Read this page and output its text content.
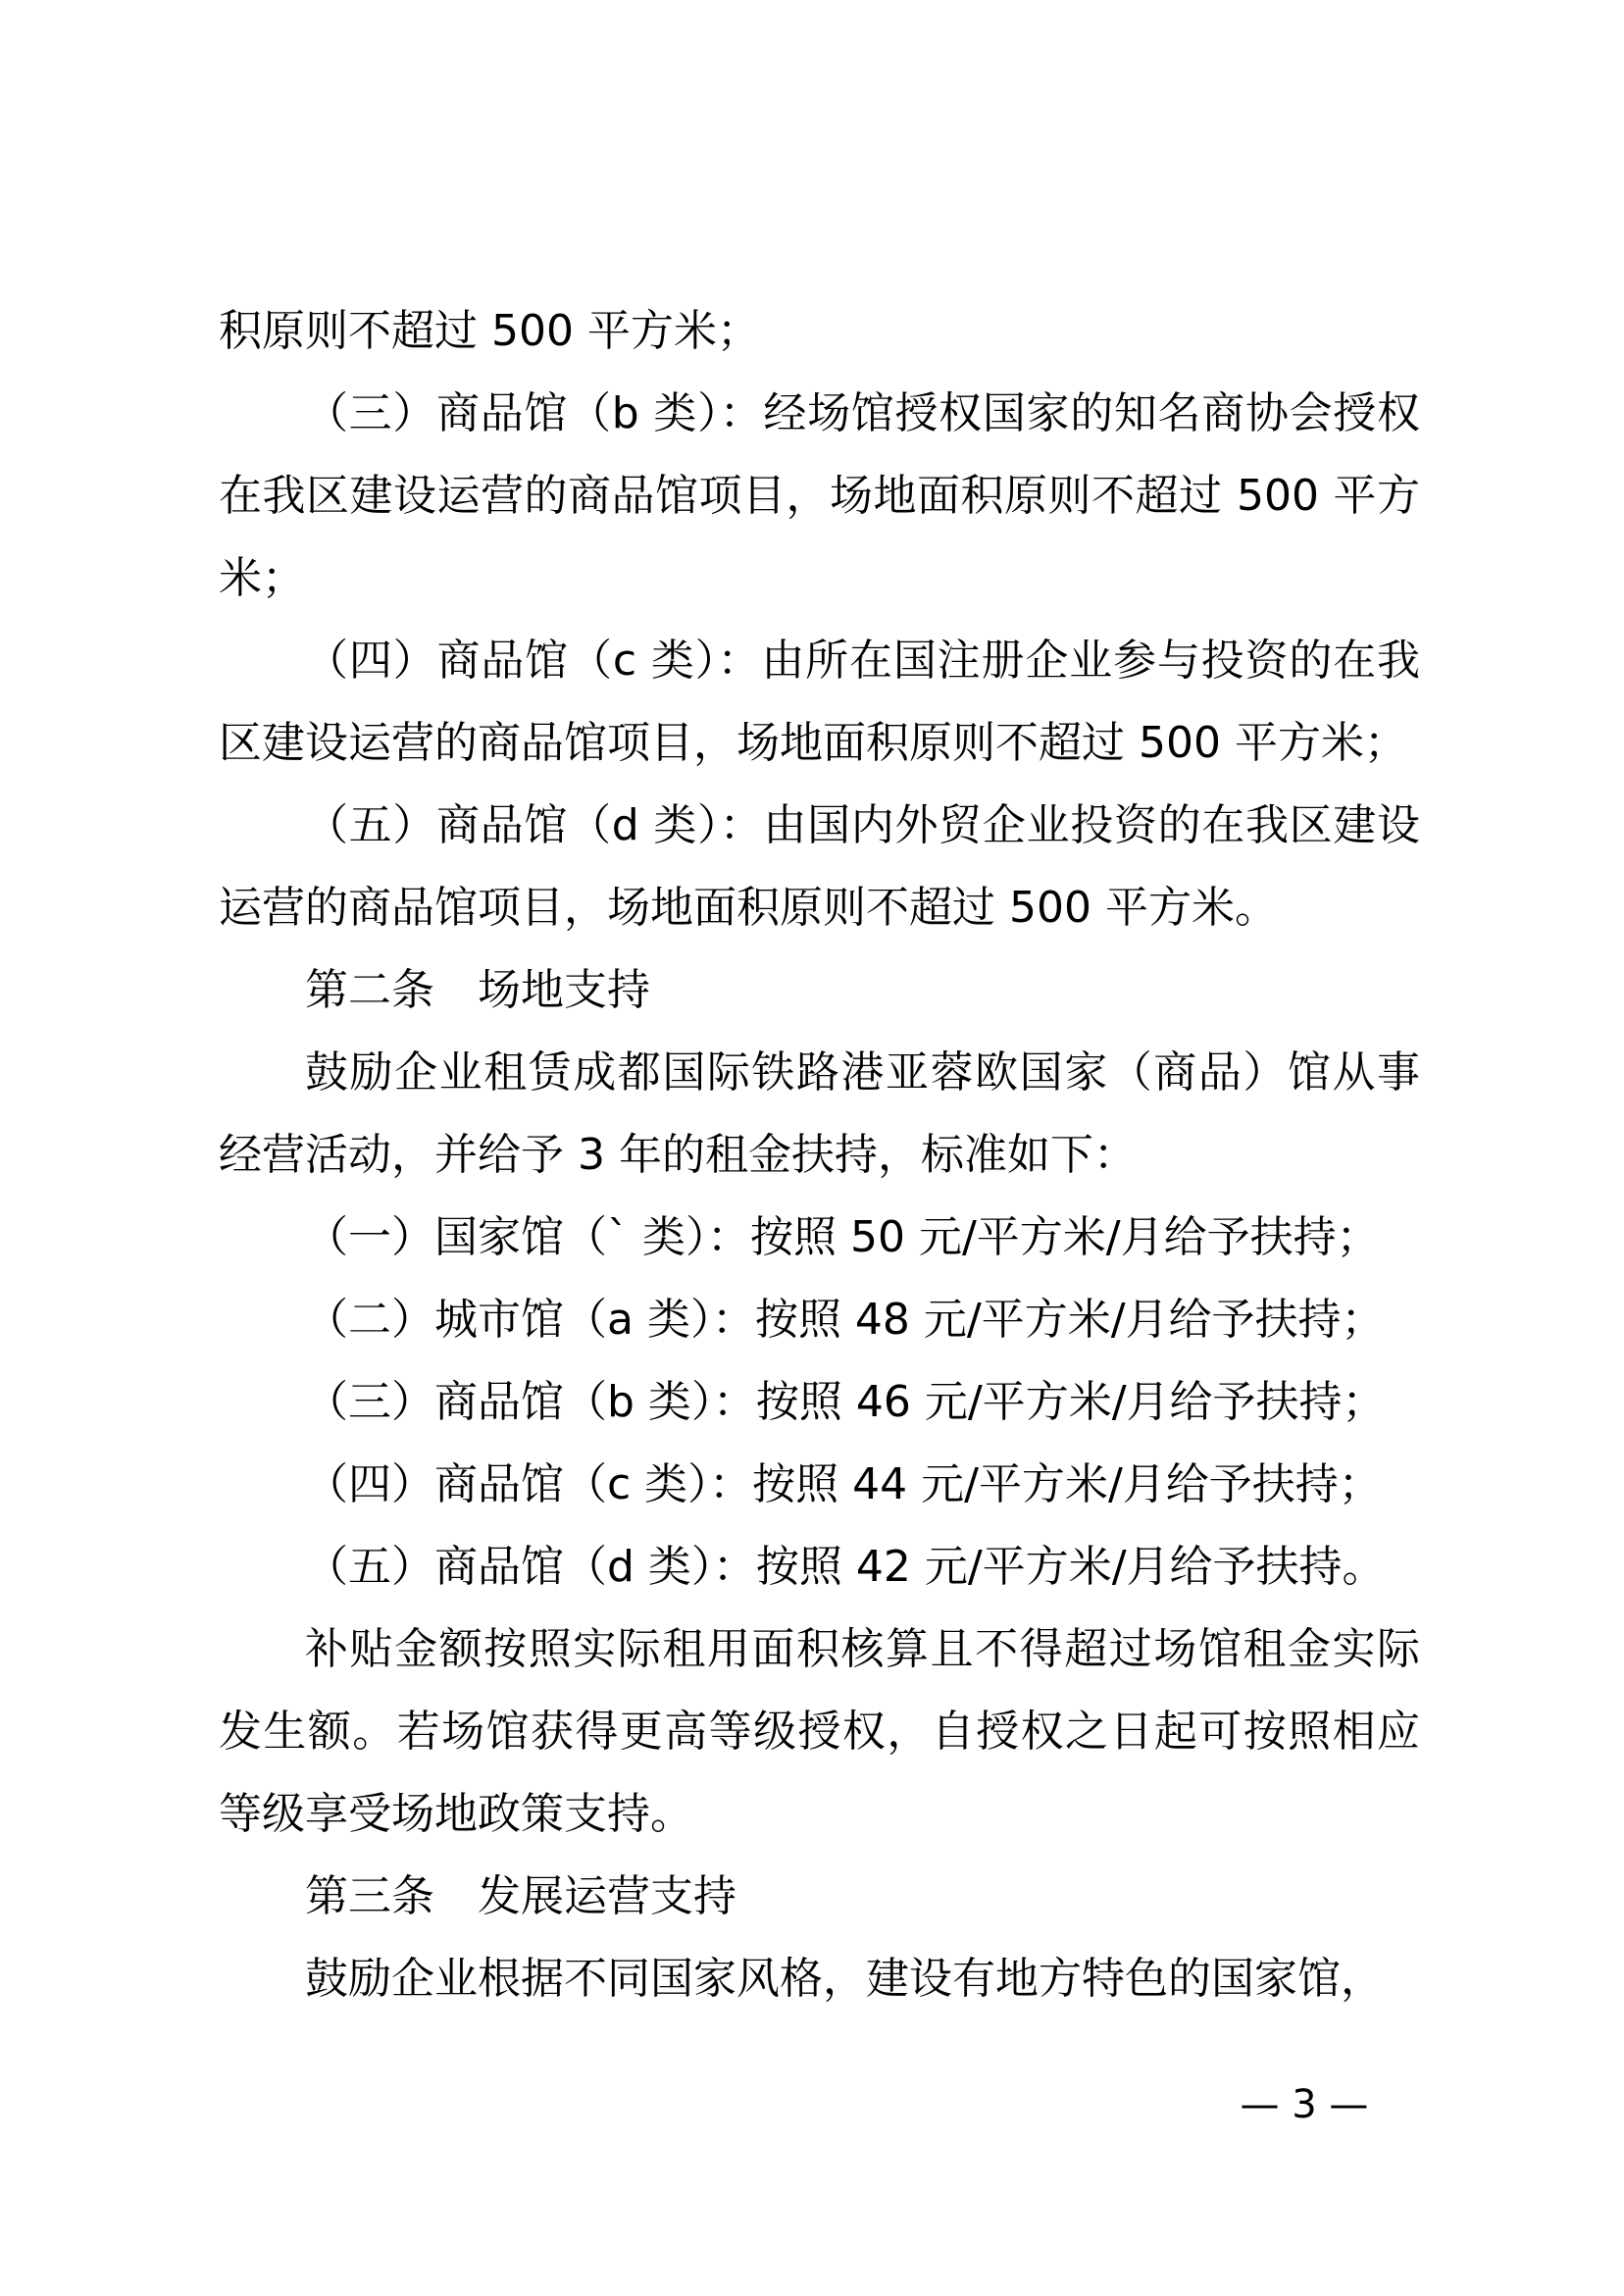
积原则不超过 500 平方米；

（三）商品馆（b 类）：经场馆授权国家的知名商协会授权在我区建设运营的商品馆项目，场地面积原则不超过 500 平方米；

（四）商品馆（c 类）：由所在国注册企业参与投资的在我区建设运营的商品馆项目，场地面积原则不超过 500 平方米；

（五）商品馆（d 类）：由国内外贸企业投资的在我区建设运营的商品馆项目，场地面积原则不超过 500 平方米。

第二条　场地支持

鼓励企业租赁成都国际铁路港亚蓉欧国家（商品）馆从事经营活动，并给予 3 年的租金扶持，标准如下：

（一）国家馆（` 类）：按照 50 元/平方米/月给予扶持；

（二）城市馆（a 类）：按照 48 元/平方米/月给予扶持；

（三）商品馆（b 类）：按照 46 元/平方米/月给予扶持；

（四）商品馆（c 类）：按照 44 元/平方米/月给予扶持；

（五）商品馆（d 类）：按照 42 元/平方米/月给予扶持。

补贴金额按照实际租用面积核算且不得超过场馆租金实际发生额。若场馆获得更高等级授权，自授权之日起可按照相应等级享受场地政策支持。

第三条　发展运营支持

鼓励企业根据不同国家风格，建设有地方特色的国家馆，

— 3 —
